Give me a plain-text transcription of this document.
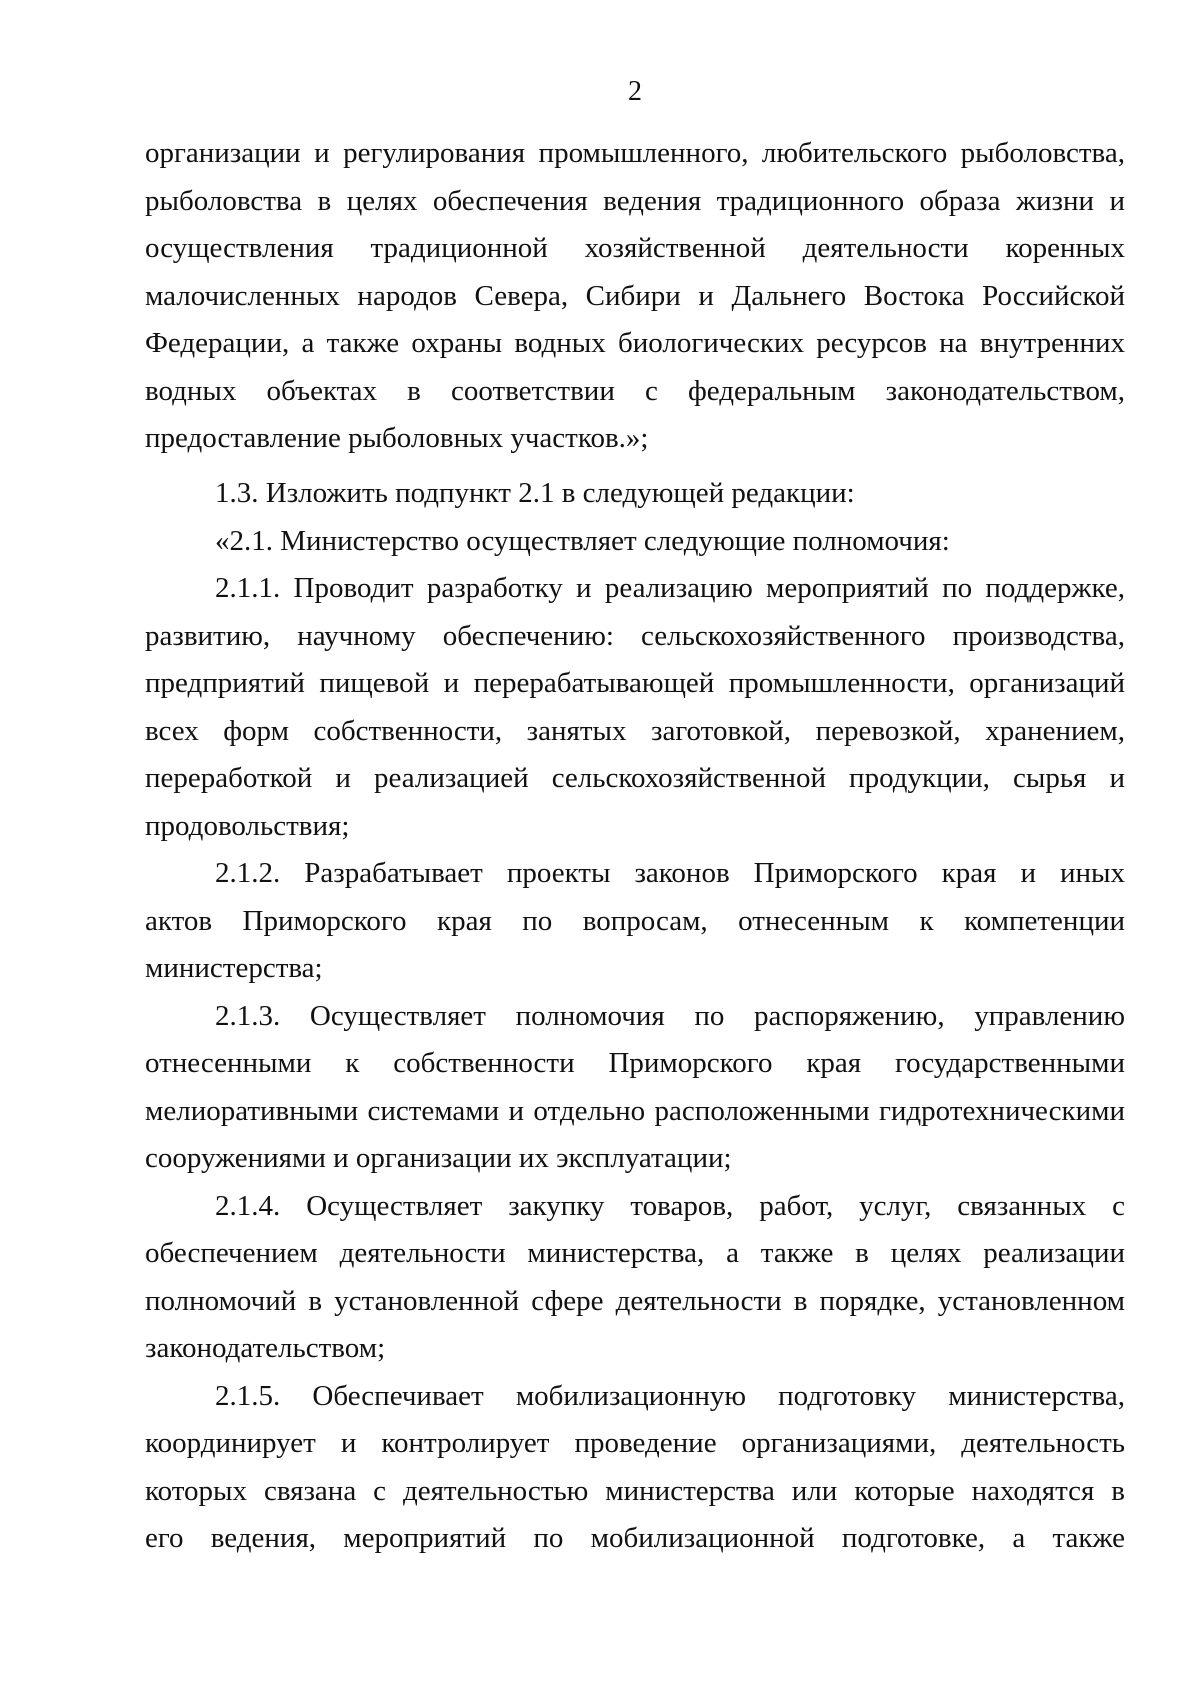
2
организации и регулирования промышленного, любительского рыболовства,
рыболовства в целях обеспечения ведения традиционного образа жизни и
осуществления традиционной хозяйственной деятельности коренных
малочисленных народов Севера, Сибири и Дальнего Востока Российской
Федерации, а также охраны водных биологических ресурсов на внутренних
водных объектах в соответствии с федеральным законодательством,
предоставление рыболовных участков.»;
1.3. Изложить подпункт 2.1 в следующей редакции:
«2.1. Министерство осуществляет следующие полномочия:
2.1.1. Проводит разработку и реализацию мероприятий по поддержке,
развитию, научному обеспечению: сельскохозяйственного производства,
предприятий пищевой и перерабатывающей промышленности, организаций
всех форм собственности, занятых заготовкой, перевозкой, хранением,
переработкой и реализацией сельскохозяйственной продукции, сырья и
продовольствия;
2.1.2. Разрабатывает проекты законов Приморского края и иных
актов Приморского края по вопросам, отнесенным к компетенции
министерства;
2.1.3. Осуществляет полномочия по распоряжению, управлению
отнесенными к собственности Приморского края государственными
мелиоративными системами и отдельно расположенными гидротехническими
сооружениями и организации их эксплуатации;
2.1.4. Осуществляет закупку товаров, работ, услуг, связанных с
обеспечением деятельности министерства, а также в целях реализации
полномочий в установленной сфере деятельности в порядке, установленном
законодательством;
2.1.5. Обеспечивает мобилизационную подготовку министерства,
координирует и контролирует проведение организациями, деятельность
которых связана с деятельностью министерства или которые находятся в
его ведения, мероприятий по мобилизационной подготовке, а также
